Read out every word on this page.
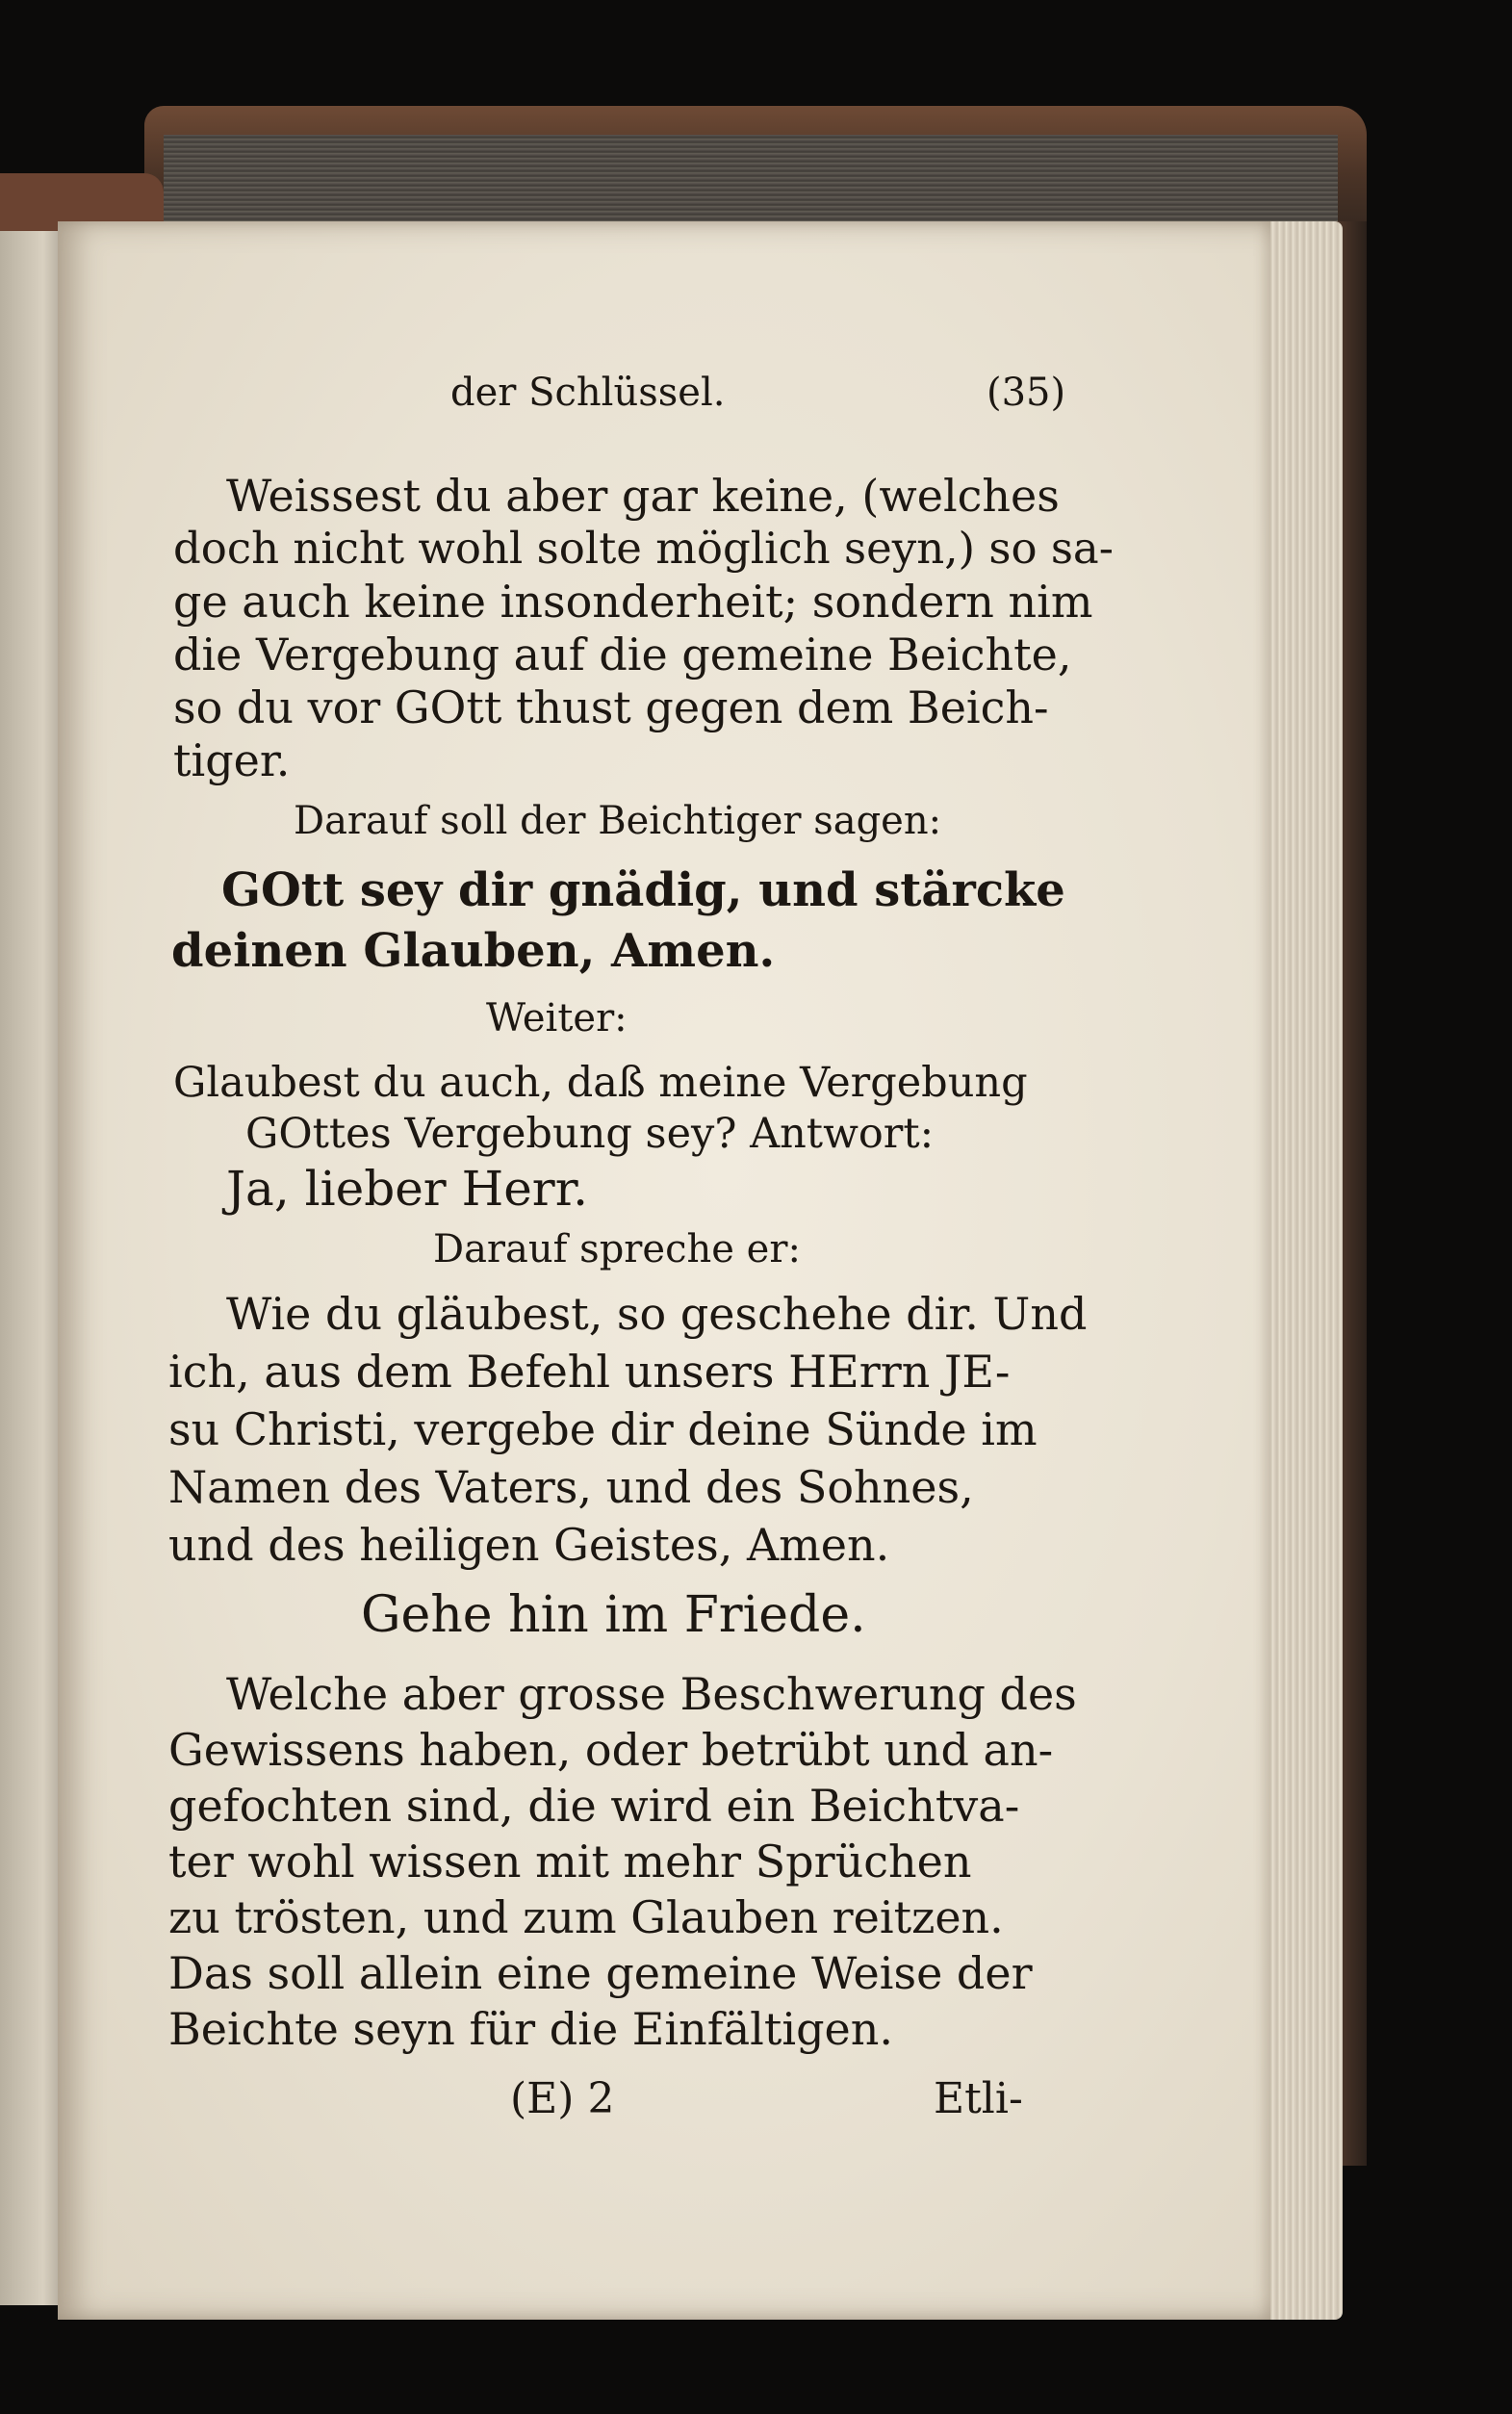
der Schlüssel.	(35)
Weissest du aber gar keine, (welches
doch nicht wohl solte möglich seyn,) so sa-
ge auch keine insonderheit; sondern nim
die Vergebung auf die gemeine Beichte,
so du vor GOtt thust gegen dem Beich-
tiger.
Darauf soll der Beichtiger sagen:
GOtt sey dir gnädig, und stärcke
deinen Glauben, Amen.
Weiter:
Glaubest du auch, daß meine Vergebung
GOttes Vergebung sey? Antwort:
Ja, lieber Herr.
Darauf spreche er:
Wie du gläubest, so geschehe dir. Und
ich, aus dem Befehl unsers HErrn JE-
su Christi, vergebe dir deine Sünde im
Namen des Vaters, und des Sohnes,
und des heiligen Geistes, Amen.
Gehe hin im Friede.
Welche aber grosse Beschwerung des
Gewissens haben, oder betrübt und an-
gefochten sind, die wird ein Beichtva-
ter wohl wissen mit mehr Sprüchen
zu trösten, und zum Glauben reitzen.
Das soll allein eine gemeine Weise der
Beichte seyn für die Einfältigen.
(E) 2	Etli-
